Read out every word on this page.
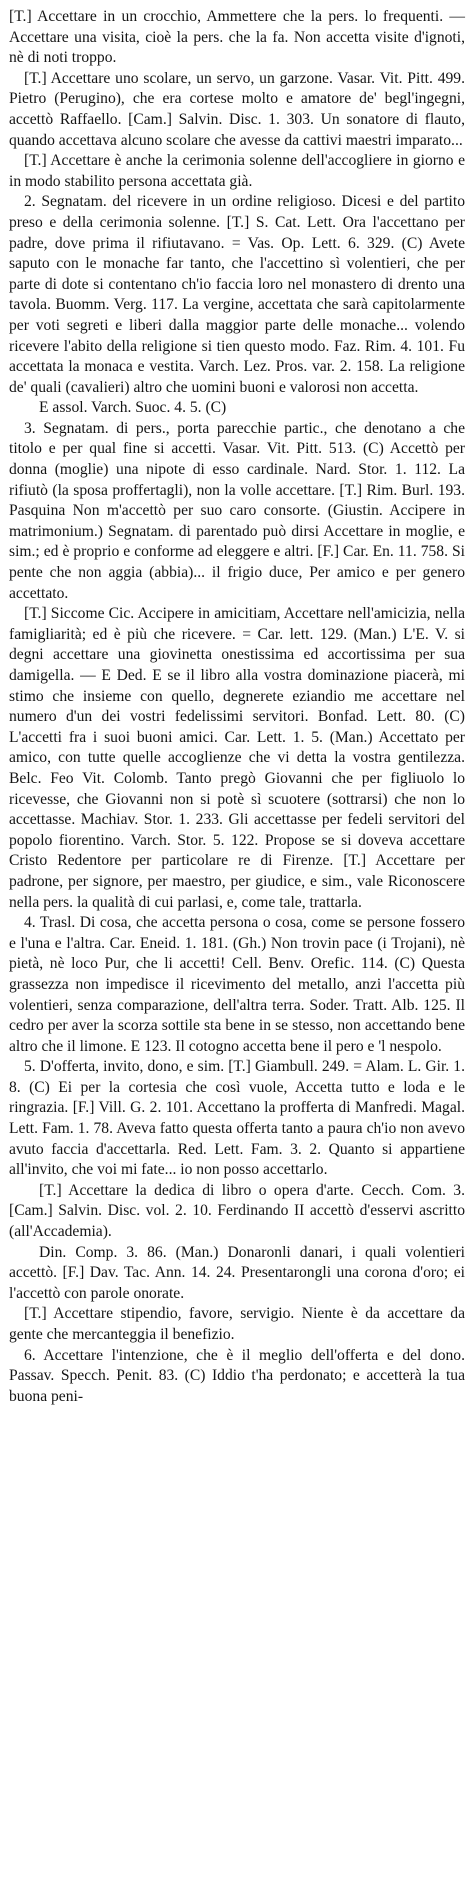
[T.] Accettare in un crocchio, Ammettere che la pers. lo frequenti. — Accettare una visita, cioè la pers. che la fa. Non accetta visite d'ignoti, nè di noti troppo.

[T.] Accettare uno scolare, un servo, un garzone. Vasar. Vit. Pitt. 499. Pietro (Perugino), che era cortese molto e amatore de' begl'ingegni, accettò Raffaello. [Cam.] Salvin. Disc. 1. 303. Un sonatore di flauto, quando accettava alcuno scolare che avesse da cattivi maestri imparato...

[T.] Accettare è anche la cerimonia solenne dell'accogliere in giorno e in modo stabilito persona accettata già.

2. Segnatam. del ricevere in un ordine religioso. Dicesi e del partito preso e della cerimonia solenne. [T.] S. Cat. Lett. Ora l'accettano per padre, dove prima il rifiutavano. = Vas. Op. Lett. 6. 329. (C) Avete saputo con le monache far tanto, che l'accettino sì volentieri, che per parte di dote si contentano ch'io faccia loro nel monastero di drento una tavola. Buomm. Verg. 117. La vergine, accettata che sarà capitolarmente per voti segreti e liberi dalla maggior parte delle monache... volendo ricevere l'abito della religione si tien questo modo. Faz. Rim. 4. 101. Fu accettata la monaca e vestita. Varch. Lez. Pros. var. 2. 158. La religione de' quali (cavalieri) altro che uomini buoni e valorosi non accetta.

E assol. Varch. Suoc. 4. 5. (C)

3. Segnatam. di pers., porta parecchie partic., che denotano a che titolo e per qual fine si accetti. Vasar. Vit. Pitt. 513. (C) Accettò per donna (moglie) una nipote di esso cardinale. Nard. Stor. 1. 112. La rifiutò (la sposa proffertagli), non la volle accettare. [T.] Rim. Burl. 193. Pasquina Non m'accettò per suo caro consorte. (Giustin. Accipere in matrimonium.) Segnatam. di parentado può dirsi Accettare in moglie, e sim.; ed è proprio e conforme ad eleggere e altri. [F.] Car. En. 11. 758. Si pente che non aggia (abbia)... il frigio duce, Per amico e per genero accettato.

[T.] Siccome Cic. Accipere in amicitiam, Accettare nell'amicizia, nella famigliarità; ed è più che ricevere. = Car. lett. 129. (Man.) L'E. V. si degni accettare una giovinetta onestissima ed accortissima per sua damigella. — E Ded. E se il libro alla vostra dominazione piacerà, mi stimo che insieme con quello, degnerete eziandio me accettare nel numero d'un dei vostri fedelissimi servitori. Bonfad. Lett. 80. (C) L'accetti fra i suoi buoni amici. Car. Lett. 1. 5. (Man.) Accettato per amico, con tutte quelle accoglienze che vi detta la vostra gentilezza. Belc. Feo Vit. Colomb. Tanto pregò Giovanni che per figliuolo lo ricevesse, che Giovanni non si potè sì scuotere (sottrarsi) che non lo accettasse. Machiav. Stor. 1. 233. Gli accettasse per fedeli servitori del popolo fiorentino. Varch. Stor. 5. 122. Propose se si doveva accettare Cristo Redentore per particolare re di Firenze. [T.] Accettare per padrone, per signore, per maestro, per giudice, e sim., vale Riconoscere nella pers. la qualità di cui parlasi, e, come tale, trattarla.

4. Trasl. Di cosa, che accetta persona o cosa, come se persone fossero e l'una e l'altra. Car. Eneid. 1. 181. (Gh.) Non trovin pace (i Trojani), nè pietà, nè loco Pur, che li accetti! Cell. Benv. Orefic. 114. (C) Questa grassezza non impedisce il ricevimento del metallo, anzi l'accetta più volentieri, senza comparazione, dell'altra terra. Soder. Tratt. Alb. 125. Il cedro per aver la scorza sottile sta bene in se stesso, non accettando bene altro che il limone. E 123. Il cotogno accetta bene il pero e 'l nespolo.

5. D'offerta, invito, dono, e sim. [T.] Giambull. 249. = Alam. L. Gir. 1. 8. (C) Ei per la cortesia che così vuole, Accetta tutto e loda e le ringrazia. [F.] Vill. G. 2. 101. Accettano la profferta di Manfredi. Magal. Lett. Fam. 1. 78. Aveva fatto questa offerta tanto a paura ch'io non avevo avuto faccia d'accettarla. Red. Lett. Fam. 3. 2. Quanto si appartiene all'invito, che voi mi fate... io non posso accettarlo.

[T.] Accettare la dedica di libro o opera d'arte. Cecch. Com. 3. [Cam.] Salvin. Disc. vol. 2. 10. Ferdinando II accettò d'esservi ascritto (all'Accademia).

Din. Comp. 3. 86. (Man.) Donaronli danari, i quali volentieri accettò. [F.] Dav. Tac. Ann. 14. 24. Presentarongli una corona d'oro; ei l'accettò con parole onorate.

[T.] Accettare stipendio, favore, servigio. Niente è da accettare da gente che mercanteggia il benefizio.

6. Accettare l'intenzione, che è il meglio dell'offerta e del dono. Passav. Specch. Penit. 83. (C) Iddio t'ha perdonato; e accetterà la tua buona peni-
